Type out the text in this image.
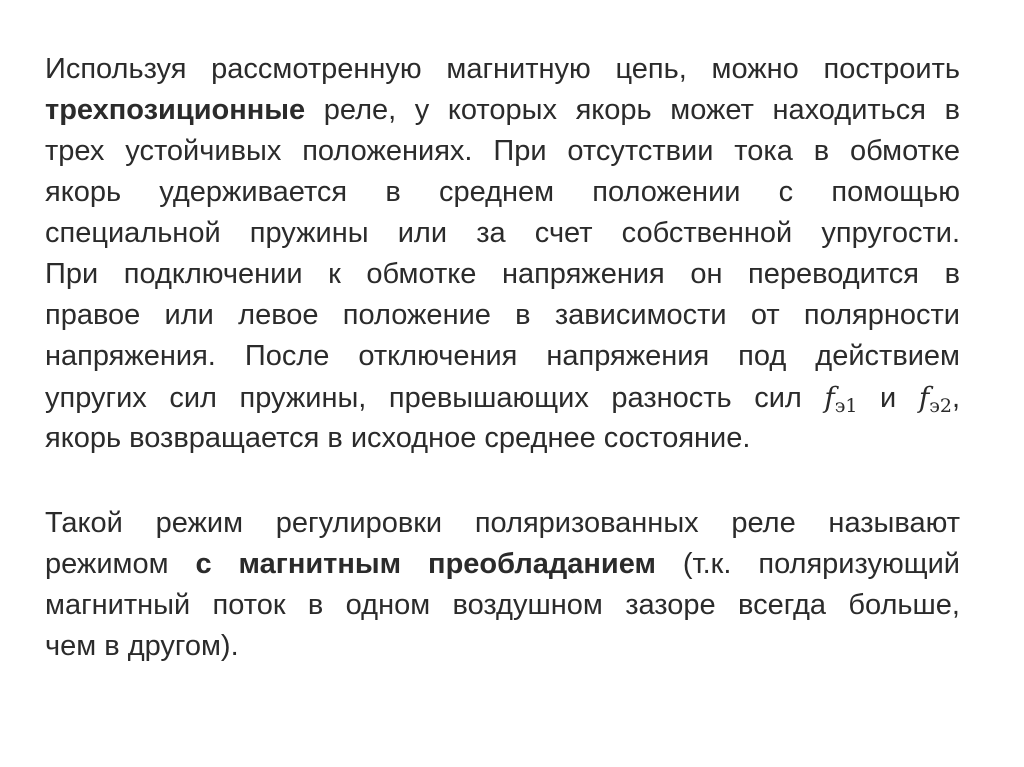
Используя рассмотренную магнитную цепь, можно построить
трехпозиционные реле, у которых якорь может находиться в
трех устойчивых положениях. При отсутствии тока в обмотке
якорь удерживается в среднем положении с помощью
специальной пружины или за счет собственной упругости.
При подключении к обмотке напряжения он переводится в
правое или левое положение в зависимости от полярности
напряжения. После отключения напряжения под действием
упругих сил пружины, превышающих разность сил fэ1 и fэ2,
якорь возвращается в исходное среднее состояние.
Такой режим регулировки поляризованных реле называют
режимом с магнитным преобладанием (т.к. поляризующий
магнитный поток в одном воздушном зазоре всегда больше,
чем в другом).
